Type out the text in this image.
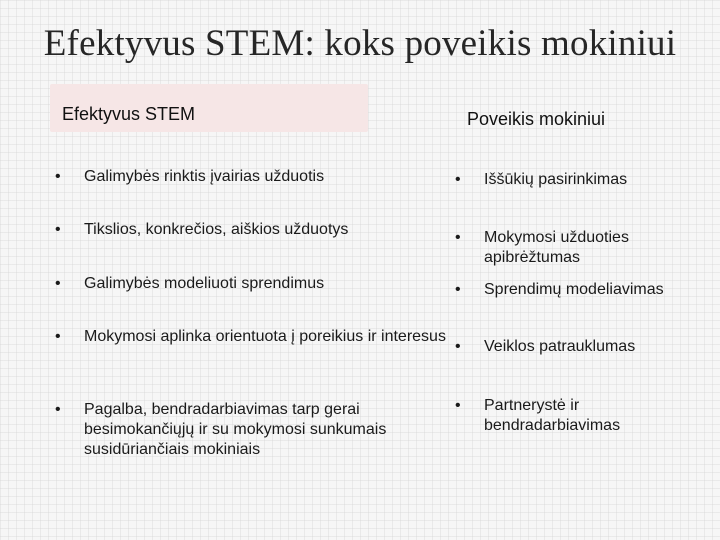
Efektyvus STEM: koks poveikis mokiniui
Efektyvus STEM	Poveikis mokiniui
•	Galimybės rinktis įvairias užduotis
•	Tikslios, konkrečios, aiškios užduotys
•	Galimybės modeliuoti sprendimus
•	Mokymosi aplinka orientuota į poreikius ir interesus
•	Pagalba, bendradarbiavimas tarp gerai besimokančiųjų ir su mokymosi sunkumais susidūriančiais mokiniais
•	Iššūkių pasirinkimas
•	Mokymosi užduoties apibrėžtumas
•	Sprendimų modeliavimas
•	Veiklos patrauklumas
•	Partnerystė ir bendradarbiavimas
